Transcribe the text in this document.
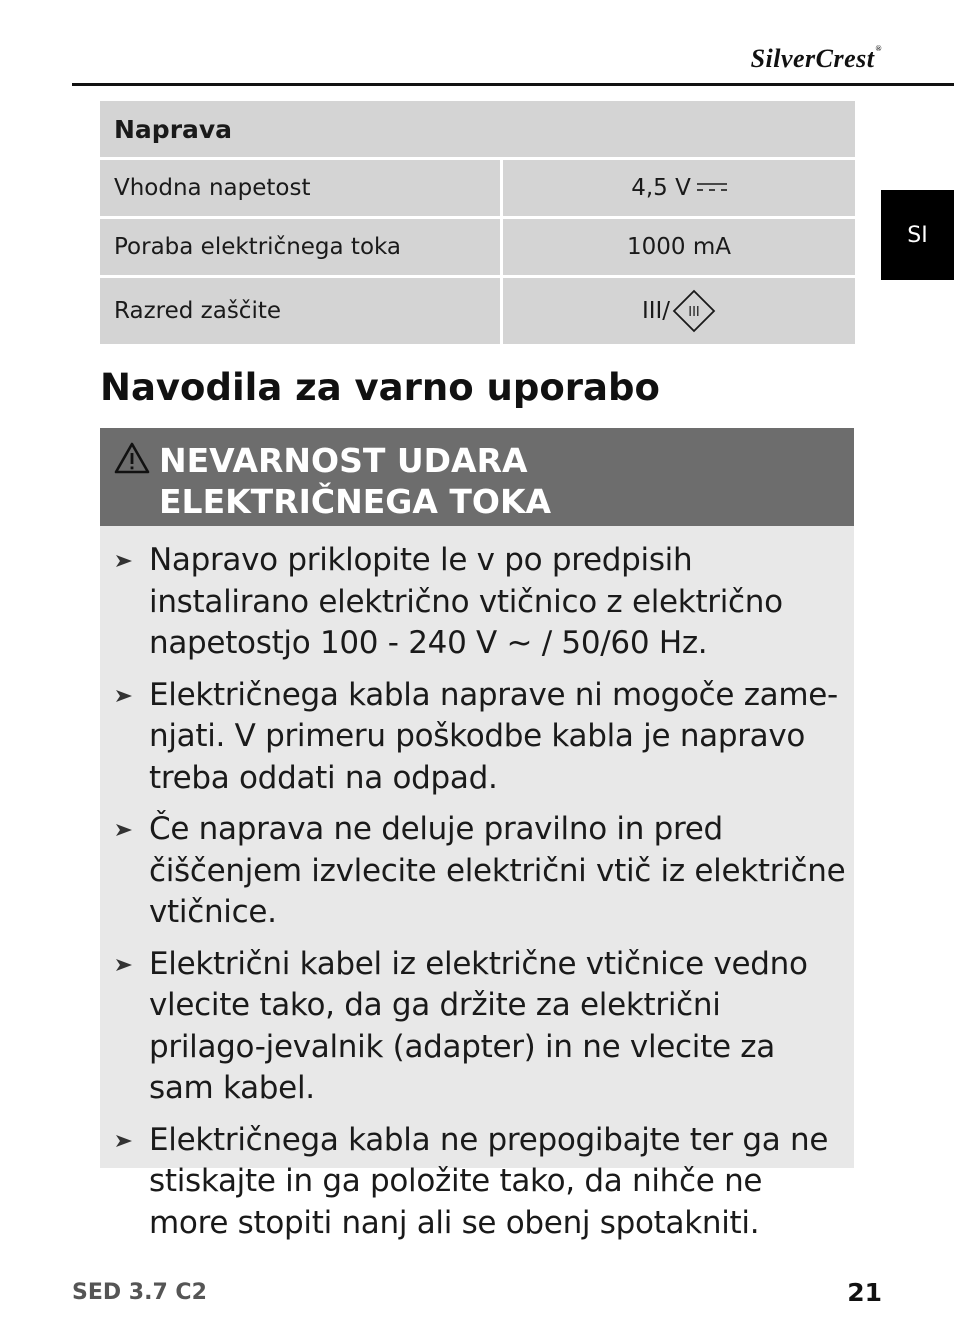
SilverCrest®
SI
Naprava	
Vhodna napetost	4,5 V
Poraba električnega toka	1000 mA
Razred zaščite	III/ III
Navodila za varno uporabo
NEVARNOST UDARA
ELEKTRIČNEGA TOKA
Napravo priklopite le v po predpisih instalirano električno vtičnico z električno napetostjo 100 - 240 V ~ / 50/60 Hz.
Električnega kabla naprave ni mogoče zame-njati. V primeru poškodbe kabla je napravo treba oddati na odpad.
Če naprava ne deluje pravilno in pred čiščenjem izvlecite električni vtič iz električne vtičnice.
Električni kabel iz električne vtičnice vedno vlecite tako, da ga držite za električni prilago-jevalnik (adapter) in ne vlecite za sam kabel.
Električnega kabla ne prepogibajte ter ga ne stiskajte in ga položite tako, da nihče ne more stopiti nanj ali se obenj spotakniti.
SED 3.7 C2	21
